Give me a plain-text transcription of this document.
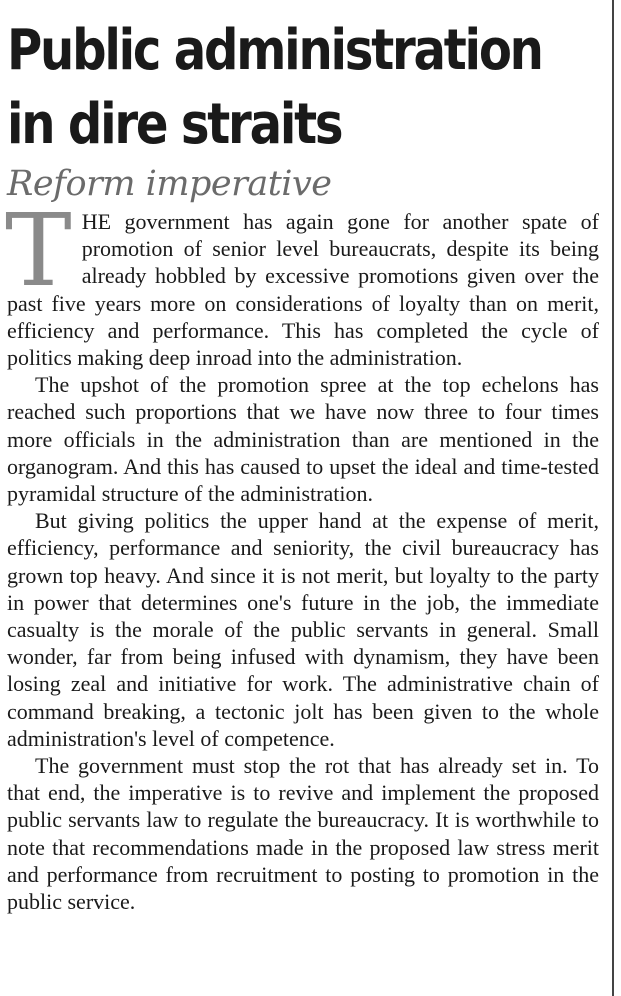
Public administration
in dire straits
Reform imperative

THE government has again gone for another spate of promotion of senior level bureaucrats, despite its being already hobbled by excessive promotions given over the past five years more on considerations of loyalty than on merit, efficiency and performance. This has completed the cycle of politics making deep inroad into the administration.

The upshot of the promotion spree at the top echelons has reached such proportions that we have now three to four times more officials in the administration than are mentioned in the organogram. And this has caused to upset the ideal and time-tested pyramidal structure of the administration.

But giving politics the upper hand at the expense of merit, efficiency, performance and seniority, the civil bureaucracy has grown top heavy. And since it is not merit, but loyalty to the party in power that determines one's future in the job, the immediate casualty is the morale of the public servants in general. Small wonder, far from being infused with dynamism, they have been losing zeal and initiative for work. The administrative chain of command breaking, a tectonic jolt has been given to the whole administration's level of competence.

The government must stop the rot that has already set in. To that end, the imperative is to revive and implement the proposed public servants law to regulate the bureaucracy. It is worthwhile to note that recommendations made in the proposed law stress merit and performance from recruitment to posting to promotion in the public service.
